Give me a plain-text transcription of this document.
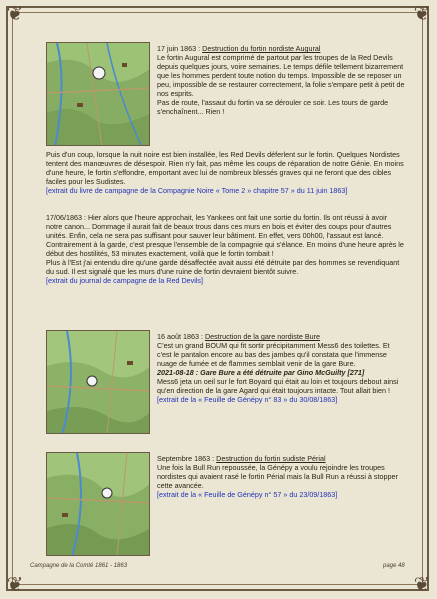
❦	❦
❦	❦

17 juin 1863 : Destruction du fortin nordiste Augural

Le fortin Augural est comprimé de partout par les troupes de la Red Devils depuis quelques jours, voire semaines. Le temps défile tellement bizarrement que les hommes perdent toute notion du temps. Impossible de se reposer un peu, impossible de se restaurer correctement, la folie s'empare petit à petit de nos esprits.

Pas de route, l'assaut du fortin va se dérouler ce soir. Les tours de garde s'enchaînent... Rien !

Puis d'un coup, lorsque la nuit noire est bien installée, les Red Devils déferlent sur le fortin. Quelques Nordistes tentent des manœuvres de désespoir. Rien n'y fait, pas même les coups de réparation de notre Génie. En moins d'une heure, le fortin s'effondre, emportant avec lui de nombreux blessés graves qui ne feront que des cibles faciles pour les Sudistes.

[extrait du livre de campagne de la Compagnie Noire « Tome 2 » chapitre 57 » du 11 juin 1863]

17/06/1863 : Hier alors que l'heure approchait, les Yankees ont fait une sortie du fortin. Ils ont réussi à avoir notre canon... Dommage il aurait fait de beaux trous dans ces murs en bois et éviter des coups pour d'autres unités. Enfin, cela ne sera pas suffisant pour sauver leur bâtiment. En effet, vers 00h00, l'assaut est lancé. Contrairement à la garde, c'est presque l'ensemble de la compagnie qui s'élance. En moins d'une heure après le début des hostilités, 53 minutes exactement, voilà que le fortin tombait !

Plus à l'Est j'ai entendu dire qu'une garde désaffectée avait aussi été détruite par des hommes se revendiquant du sud. Il est signalé que les murs d'une ruine de fortin devraient bientôt suivre.

[extrait du journal de campagne de la Red Devils]

16 août 1863 : Destruction de la gare nordiste Bure

C'est un grand BOUM qui fit sortir précipitamment Mess6 des toilettes. Et c'est le pantalon encore au bas des jambes qu'il constata que l'immense nuage de fumée et de flammes semblait venir de la gare Bure.

2021-08-18 : Gare Bure a été détruite par Gino McGuilty [271]

Mess6 jeta un oeil sur le fort Boyard qui était au loin et toujours debout ainsi qu'en direction de la gare Agard qui était toujours intacte. Tout allait bien !

[extrait de la « Feuille de Génépy n° 83 » du 30/08/1863]

Septembre 1863 : Destruction du fortin sudiste Périal

Une fois la Bull Run repoussée, la Génépy a voulu rejoindre les troupes nordistes qui avaient rasé le fortin Périal mais la Bull Run a réussi à stopper cette avancée.

[extrait de la « Feuille de Génépy n° 57 » du 23/09/1863]

Campagne de la Comté 1861 - 1863	page 48
